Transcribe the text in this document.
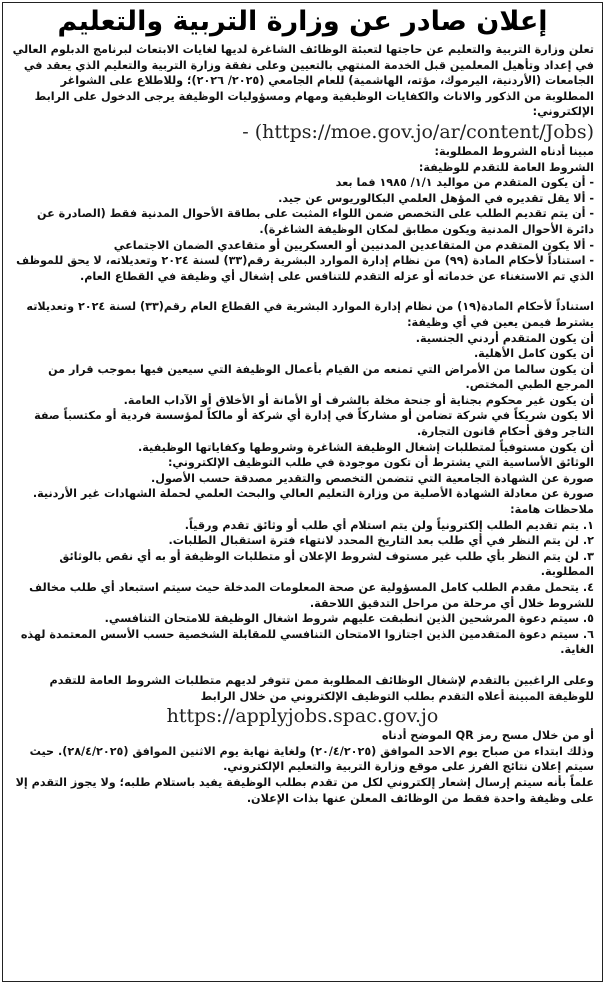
إعلان صادر عن وزارة التربية والتعليم

تعلن وزارة التربية والتعليم عن حاجتها لتعبئة الوظائف الشاغرة لديها لغايات الابتعاث لبرنامج الدبلوم العالي في إعداد وتأهيل المعلمين قبل الخدمة المنتهي بالتعيين وعلى نفقة وزارة التربية والتعليم الذي يعقد في الجامعات (الأردنية، اليرموك، مؤته، الهاشمية) للعام الجامعي (٢٠٢٥/ ٢٠٢٦)؛ وللاطلاع على الشواغر المطلوبة من الذكور والاناث والكفايات الوظيفية ومهام ومسؤوليات الوظيفة يرجى الدخول على الرابط الإلكتروني:

- (https://moe.gov.jo/ar/content/Jobs)

مبينا أدناه الشروط المطلوبة:

الشروط العامة للتقدم للوظيفة:

- أن يكون المتقدم من مواليد ١/١/ ١٩٨٥ فما بعد

- ألا يقل تقديره في المؤهل العلمي البكالوريوس عن جيد.

- أن يتم تقديم الطلب على التخصص ضمن اللواء المثبت على بطاقة الأحوال المدنية فقط (الصادرة عن دائرة الأحوال المدنية ويكون مطابق لمكان الوظيفة الشاغرة).

- ألا يكون المتقدم من المتقاعدين المدنيين أو العسكريين أو متقاعدي الضمان الاجتماعي

- استناداً لأحكام المادة (٩٩) من نظام إدارة الموارد البشرية رقم(٣٣) لسنة ٢٠٢٤ وتعديلاته، لا يحق للموظف الذي تم الاستغناء عن خدماته أو عزله التقدم للتنافس على إشغال أي وظيفة في القطاع العام.

استناداً لأحكام المادة(١٩) من نظام إدارة الموارد البشرية في القطاع العام رقم(٣٣) لسنة ٢٠٢٤ وتعديلاته يشترط فيمن يعين في أي وظيفة:

أن يكون المتقدم أردني الجنسية.

أن يكون كامل الأهلية.

أن يكون سالما من الأمراض التي تمنعه من القيام بأعمال الوظيفة التي سيعين فيها بموجب قرار من المرجع الطبي المختص.

أن يكون غير محكوم بجناية أو جنحة مخلة بالشرف أو الأمانة أو الأخلاق أو الآداب العامة.

ألا يكون شريكاً في شركة تضامن أو مشاركاً في إدارة أي شركة أو مالكاً لمؤسسة فردية أو مكتسباً صفة التاجر وفق أحكام قانون التجارة.

أن يكون مستوفياً لمتطلبات إشغال الوظيفة الشاغرة وشروطها وكفاياتها الوظيفية.

الوثائق الأساسية التي يشترط أن تكون موجودة في طلب التوظيف الإلكتروني:

صورة عن الشهادة الجامعية التي تتضمن التخصص والتقدير مصدقة حسب الأصول.

صورة عن معادلة الشهادة الأصلية من وزارة التعليم العالي والبحث العلمي لحملة الشهادات غير الأردنية.

ملاحظات هامة:

١. يتم تقديم الطلب إلكترونياً ولن يتم استلام أي طلب أو وثائق تقدم ورقياً.

٢. لن يتم النظر في أي طلب بعد التاريخ المحدد لانتهاء فترة استقبال الطلبات.

٣. لن يتم النظر بأي طلب غير مستوف لشروط الإعلان أو متطلبات الوظيفة أو به أي نقص بالوثائق المطلوبة.

٤. يتحمل مقدم الطلب كامل المسؤولية عن صحة المعلومات المدخلة حيث سيتم استبعاد أي طلب مخالف للشروط خلال أي مرحلة من مراحل التدقيق اللاحقة.

٥. سيتم دعوة المرشحين الذين انطبقت عليهم شروط اشغال الوظيفة للامتحان التنافسي.

٦. سيتم دعوة المتقدمين الذين اجتازوا الامتحان التنافسي للمقابلة الشخصية حسب الأسس المعتمدة لهذه الغاية.

وعلى الراغبين بالتقدم لإشغال الوظائف المطلوبة ممن تتوفر لديهم متطلبات الشروط العامة للتقدم للوظيفة المبينة أعلاه التقدم بطلب التوظيف الإلكتروني من خلال الرابط

https://applyjobs.spac.gov.jo

أو من خلال مسح رمز QR الموضح أدناه

وذلك ابتداء من صباح يوم الاحد الموافق (٢٠/٤/٢٠٢٥) ولغاية نهاية يوم الاثنين الموافق (٢٨/٤/٢٠٢٥). حيث سيتم إعلان نتائج الفرز على موقع وزارة التربية والتعليم الإلكتروني.

علماً بأنه سيتم إرسال إشعار إلكتروني لكل من تقدم بطلب الوظيفة يفيد باستلام طلبه؛ ولا يجوز التقدم إلا على وظيفة واحدة فقط من الوظائف المعلن عنها بذات الإعلان.
